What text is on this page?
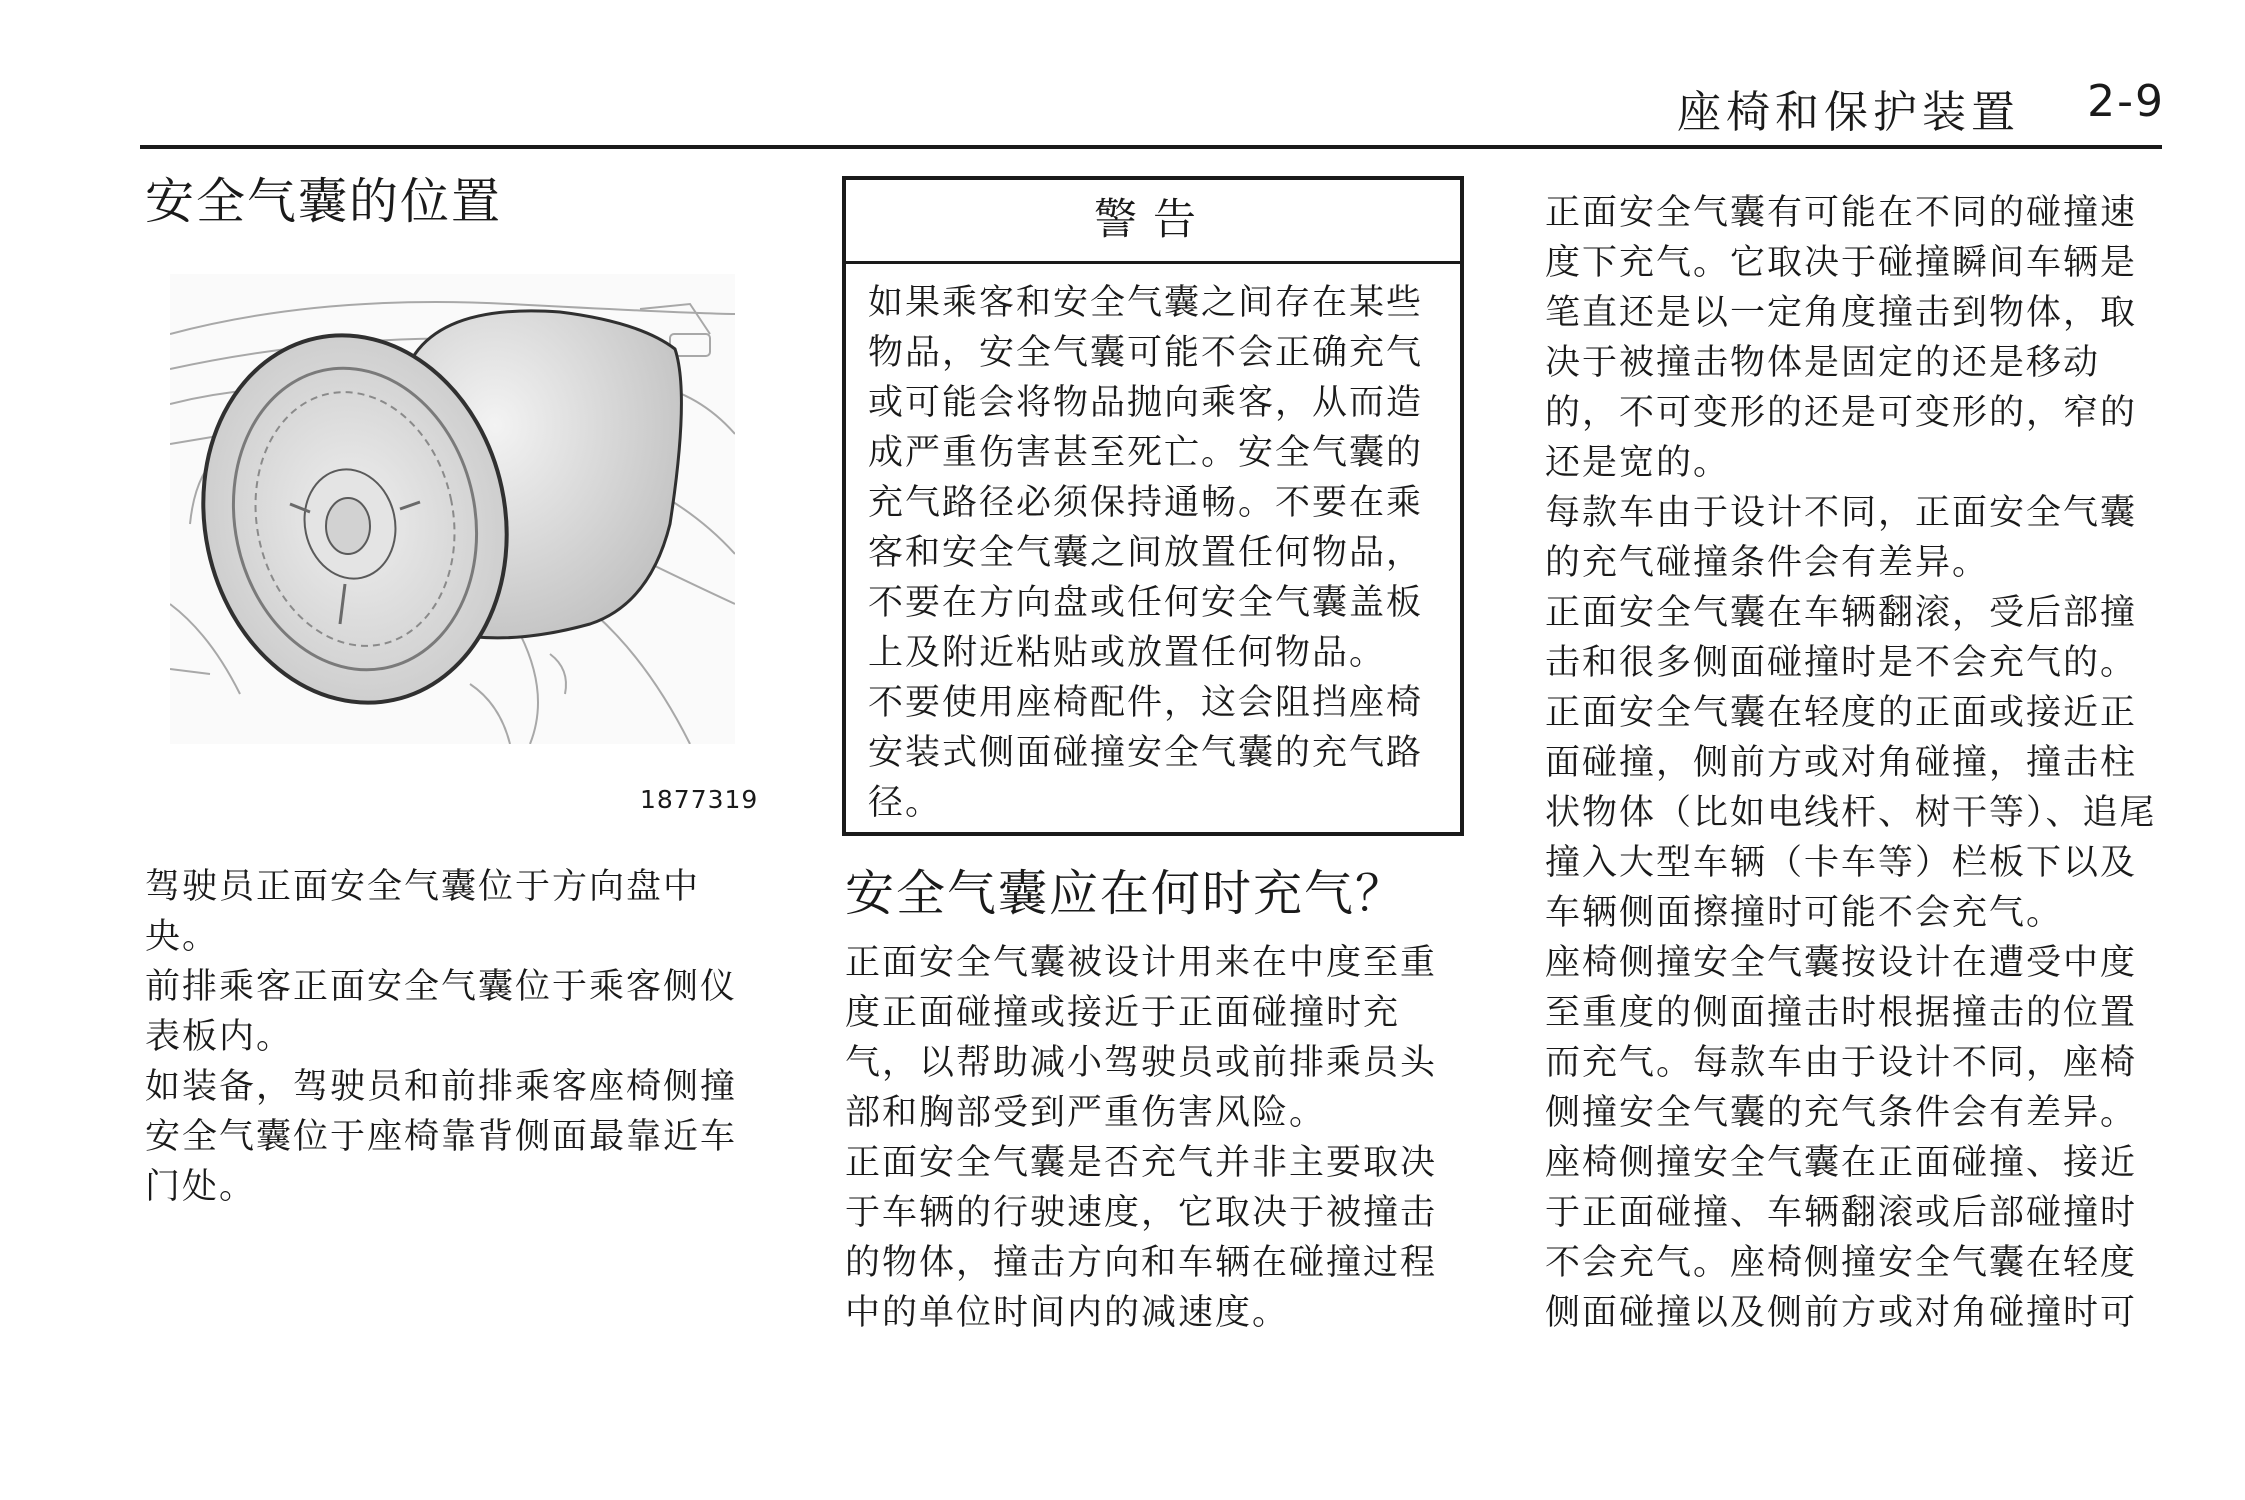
座椅和保护装置 2-9
安全气囊的位置
1877319

驾驶员正面安全气囊位于方向盘中央。

前排乘客正面安全气囊位于乘客侧仪表板内。

如装备，驾驶员和前排乘客座椅侧撞安全气囊位于座椅靠背侧面最靠近车门处。

警告

如果乘客和安全气囊之间存在某些物品，安全气囊可能不会正确充气或可能会将物品抛向乘客，从而造成严重伤害甚至死亡。安全气囊的充气路径必须保持通畅。不要在乘客和安全气囊之间放置任何物品，不要在方向盘或任何安全气囊盖板上及附近粘贴或放置任何物品。

不要使用座椅配件，这会阻挡座椅安装式侧面碰撞安全气囊的充气路径。

安全气囊应在何时充气？

正面安全气囊被设计用来在中度至重度正面碰撞或接近于正面碰撞时充气，以帮助减小驾驶员或前排乘员头部和胸部受到严重伤害风险。

正面安全气囊是否充气并非主要取决于车辆的行驶速度，它取决于被撞击的物体，撞击方向和车辆在碰撞过程中的单位时间内的减速度。

正面安全气囊有可能在不同的碰撞速度下充气。它取决于碰撞瞬间车辆是笔直还是以一定角度撞击到物体，取决于被撞击物体是固定的还是移动的，不可变形的还是可变形的，窄的还是宽的。

每款车由于设计不同，正面安全气囊的充气碰撞条件会有差异。

正面安全气囊在车辆翻滚，受后部撞击和很多侧面碰撞时是不会充气的。

正面安全气囊在轻度的正面或接近正面碰撞，侧前方或对角碰撞，撞击柱状物体（比如电线杆、树干等）、追尾撞入大型车辆（卡车等）栏板下以及车辆侧面擦撞时可能不会充气。

座椅侧撞安全气囊按设计在遭受中度至重度的侧面撞击时根据撞击的位置而充气。每款车由于设计不同，座椅侧撞安全气囊的充气条件会有差异。

座椅侧撞安全气囊在正面碰撞、接近于正面碰撞、车辆翻滚或后部碰撞时不会充气。座椅侧撞安全气囊在轻度侧面碰撞以及侧前方或对角碰撞时可
